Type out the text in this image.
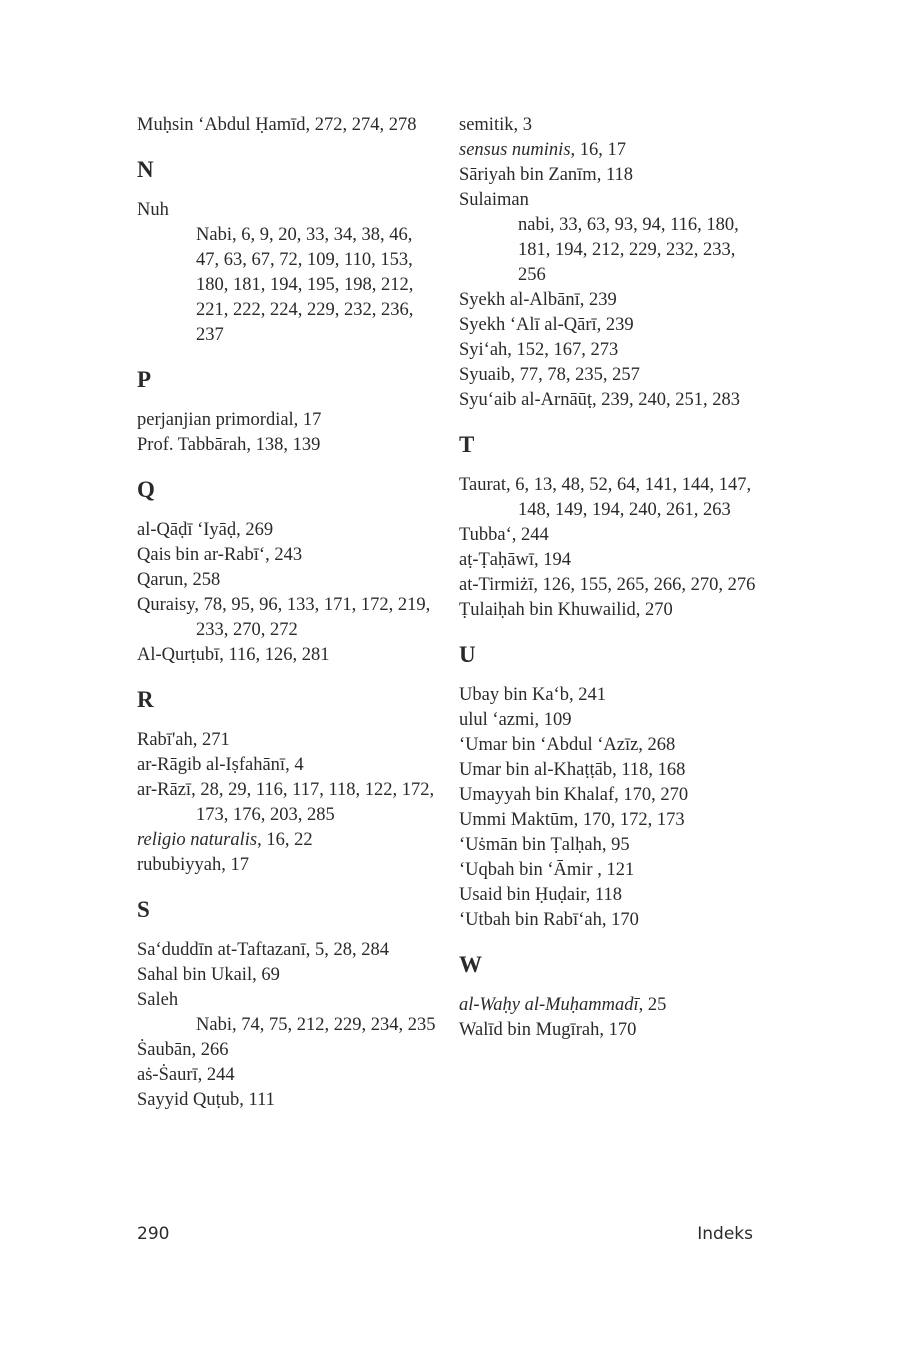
Muḥsin ‘Abdul Ḥamīd, 272, 274, 278

N

Nuh

Nabi, 6, 9, 20, 33, 34, 38, 46, 47, 63, 67, 72, 109, 110, 153, 180, 181, 194, 195, 198, 212, 221, 222, 224, 229, 232, 236, 237

P

perjanjian primordial, 17

Prof. Tabbārah, 138, 139

Q

al-Qāḍī ‘Iyāḍ, 269

Qais bin ar-Rabī‘, 243

Qarun, 258

Quraisy, 78, 95, 96, 133, 171, 172, 219, 233, 270, 272

Al-Qurṭubī, 116, 126, 281

R

Rabī'ah, 271

ar-Rāgib al-Iṣfahānī, 4

ar-Rāzī, 28, 29, 116, 117, 118, 122, 172, 173, 176, 203, 285

religio naturalis, 16, 22

rububiyyah, 17

S

Sa‘duddīn at-Taftazanī, 5, 28, 284

Sahal bin Ukail, 69

Saleh

Nabi, 74, 75, 212, 229, 234, 235

Ṡaubān, 266

aṡ-Ṡaurī, 244

Sayyid Quṭub, 111

semitik, 3

sensus numinis, 16, 17

Sāriyah bin Zanīm, 118

Sulaiman

nabi, 33, 63, 93, 94, 116, 180, 181, 194, 212, 229, 232, 233, 256

Syekh al-Albānī, 239

Syekh ‘Alī al-Qārī, 239

Syi‘ah, 152, 167, 273

Syuaib, 77, 78, 235, 257

Syu‘aib al-Arnāūṭ, 239, 240, 251, 283

T

Taurat, 6, 13, 48, 52, 64, 141, 144, 147, 148, 149, 194, 240, 261, 263

Tubba‘, 244

aṭ-Ṭaḥāwī, 194

at-Tirmiżī, 126, 155, 265, 266, 270, 276

Ṭulaiḥah bin Khuwailid, 270

U

Ubay bin Ka‘b, 241

ulul ‘azmi, 109

‘Umar bin ‘Abdul ‘Azīz, 268

Umar bin al-Khaṭṭāb, 118, 168

Umayyah bin Khalaf, 170, 270

Ummi Maktūm, 170, 172, 173

‘Uṡmān bin Ṭalḥah, 95

‘Uqbah bin ‘Āmir , 121

Usaid bin Ḥuḍair, 118

‘Utbah bin Rabī‘ah, 170

W

al-Waḥy al-Muḥammadī, 25

Walīd bin Mugīrah, 170

290	Indeks
